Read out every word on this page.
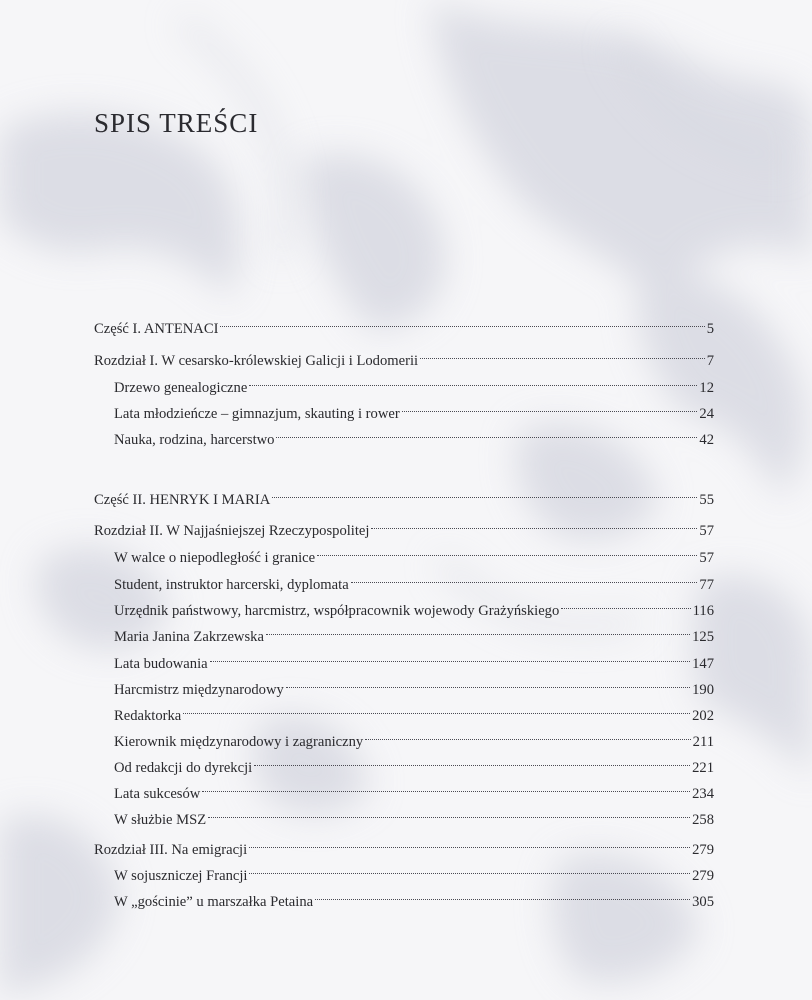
SPIS TREŚCI
Część I. ANTENACI	5
Rozdział I. W cesarsko-królewskiej Galicji i Lodomerii	7
Drzewo genealogiczne	12
Lata młodzieńcze – gimnazjum, skauting i rower	24
Nauka, rodzina, harcerstwo	42
Część II. HENRYK I MARIA	55
Rozdział II. W Najjaśniejszej Rzeczypospolitej	57
W walce o niepodległość i granice	57
Student, instruktor harcerski, dyplomata	77
Urzędnik państwowy, harcmistrz, współpracownik wojewody Grażyńskiego	116
Maria Janina Zakrzewska	125
Lata budowania	147
Harcmistrz międzynarodowy	190
Redaktorka	202
Kierownik międzynarodowy i zagraniczny	211
Od redakcji do dyrekcji	221
Lata sukcesów	234
W służbie MSZ	258
Rozdział III. Na emigracji	279
W sojuszniczej Francji	279
W „gościnie” u marszałka Petaina	305
